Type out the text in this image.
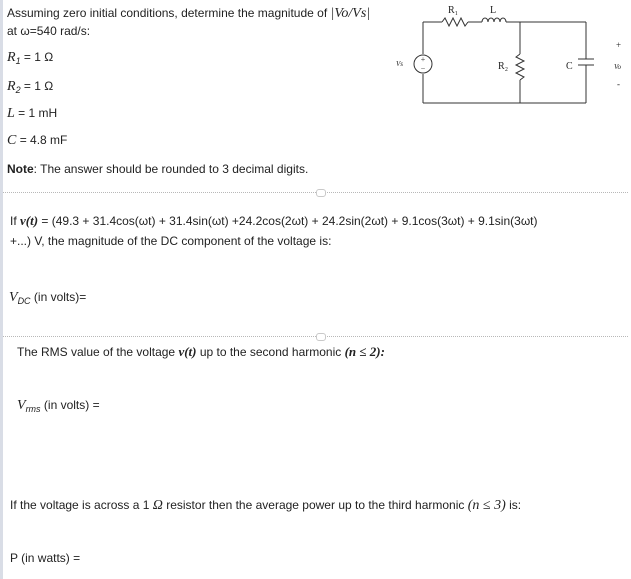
Assuming zero initial conditions, determine the magnitude of |Vo/Vs|
at ω=540 rad/s:
$R_1 = 1$ Ω
$R_2 = 1$ Ω
L = 1 mH
C = 4.8 mF
Note: The answer should be rounded to 3 decimal digits.
+
−
R₁	L
R₂	C
Vs	Vo
+
-
If v(t) = (49.3 + 31.4cos(ωt) + 31.4sin(ωt) +24.2cos(2ωt) + 24.2sin(2ωt) + 9.1cos(3ωt) + 9.1sin(3ωt)
+...) V, the magnitude of the DC component of the voltage is:
$V_{DC}$ (in volts)=
The RMS value of the voltage v(t) up to the second harmonic (n ≤ 2):
$V_{rms}$ (in volts) =
If the voltage is across a 1 Ω resistor then the average power up to the third harmonic (n ≤ 3) is:
P (in watts) =
